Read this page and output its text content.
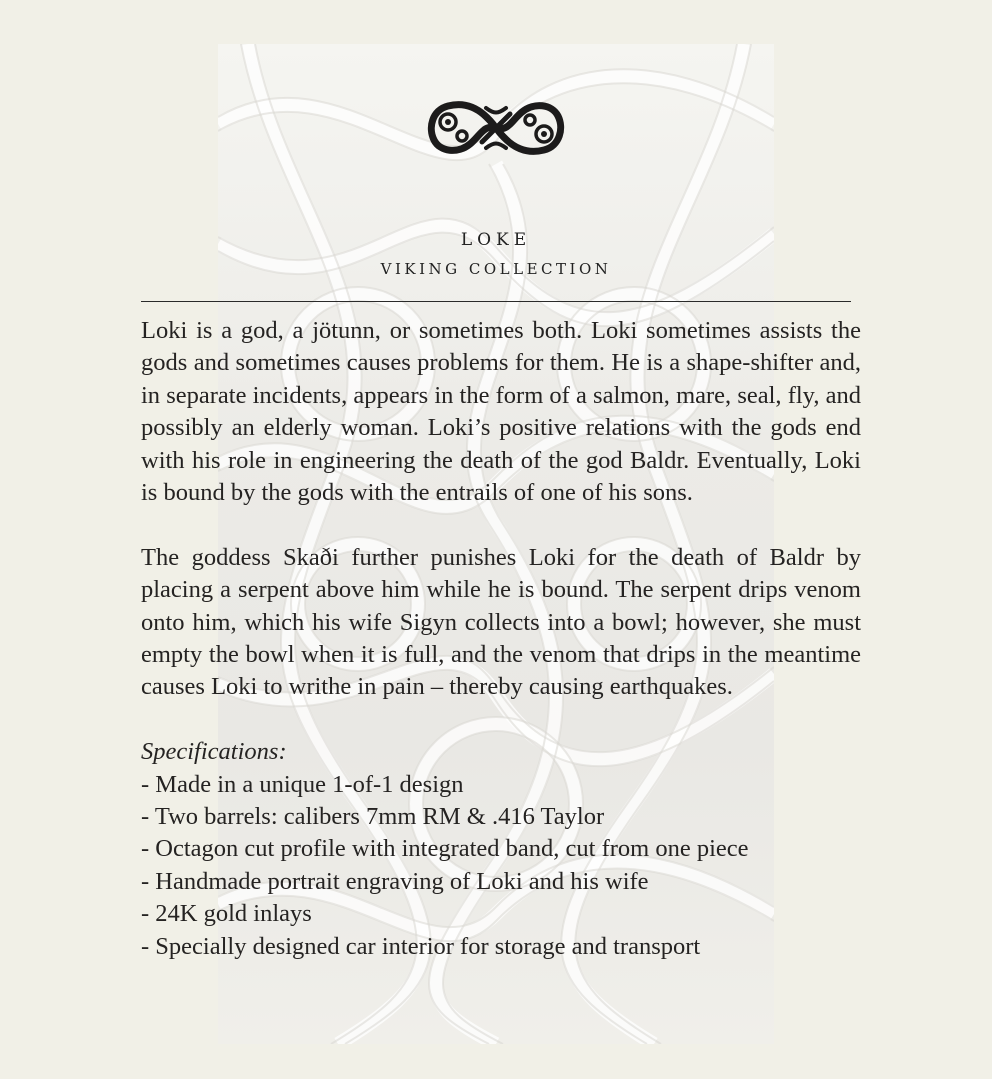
LOKE
VIKING COLLECTION

Loki is a god, a jötunn, or sometimes both. Loki sometimes assists the gods and sometimes causes problems for them. He is a shape-shifter and, in separate incidents, appears in the form of a salmon, mare, seal, fly, and possibly an elderly woman. Loki’s positive relations with the gods end with his role in engineering the death of the god Baldr. Eventually, Loki is bound by the gods with the entrails of one of his sons.

The goddess Skaði further punishes Loki for the death of Baldr by placing a serpent above him while he is bound. The serpent drips venom onto him, which his wife Sigyn collects into a bowl; however, she must empty the bowl when it is full, and the venom that drips in the meantime causes Loki to writhe in pain – thereby causing earthquakes.

Specifications:

- Made in a unique 1-of-1 design
- Two barrels: calibers 7mm RM & .416 Taylor
- Octagon cut profile with integrated band, cut from one piece
- Handmade portrait engraving of Loki and his wife
- 24K gold inlays
- Specially designed car interior for storage and transport
